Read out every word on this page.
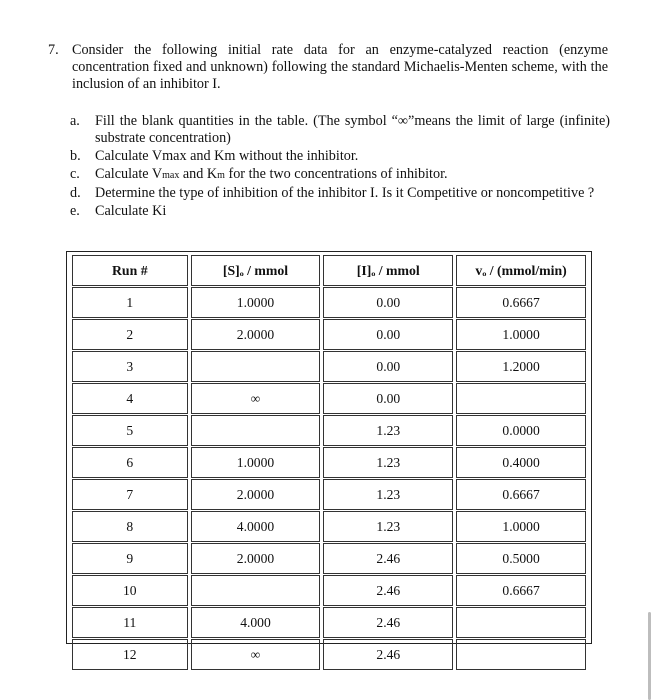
7. Consider the following initial rate data for an enzyme-catalyzed reaction (enzyme concentration fixed and unknown) following the standard Michaelis-Menten scheme, with the inclusion of an inhibitor I.
a.	Fill the blank quantities in the table. (The symbol “∞”means the limit of large (infinite) substrate concentration)
b.	Calculate Vmax and Km without the inhibitor.
c.	Calculate Vmax and Km for the two concentrations of inhibitor.
d.	Determine the type of inhibition of the inhibitor I. Is it Competitive or noncompetitive ?
e.	Calculate Ki
Run #	[S]ₒ / mmol	[I]ₒ / mmol	vₒ / (mmol/min)
1	1.0000	0.00	0.6667
2	2.0000	0.00	1.0000
3		0.00	1.2000
4	∞	0.00	
5		1.23	0.0000
6	1.0000	1.23	0.4000
7	2.0000	1.23	0.6667
8	4.0000	1.23	1.0000
9	2.0000	2.46	0.5000
10		2.46	0.6667
11	4.000	2.46	
12	∞	2.46	
